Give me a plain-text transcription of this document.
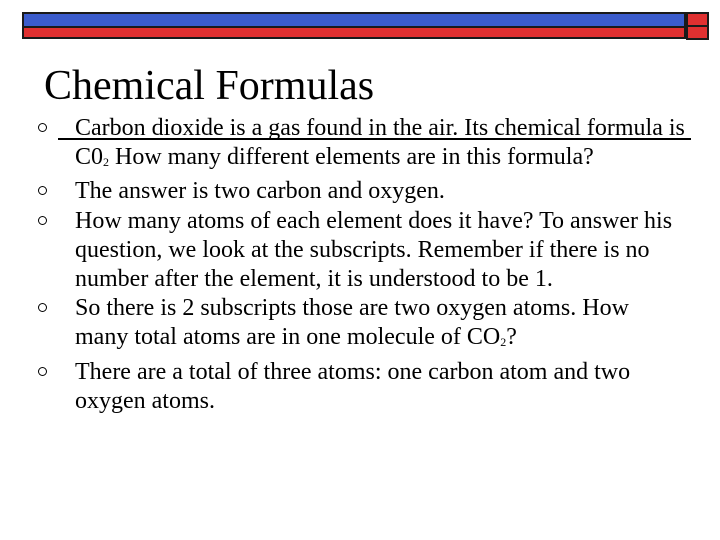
Chemical Formulas
Carbon dioxide is a gas found in the air. Its chemical formula is $C0_2$ How many different elements are in this formula?
The answer is two carbon and oxygen.
How many atoms of each element does it have? To answer his question, we look at the subscripts. Remember if there is no number after the element, it is understood to be 1.
So there is 2 subscripts those are two oxygen atoms. How many total atoms are in one molecule of $CO_2$?
There are a total of three atoms: one carbon atom and two oxygen atoms.
